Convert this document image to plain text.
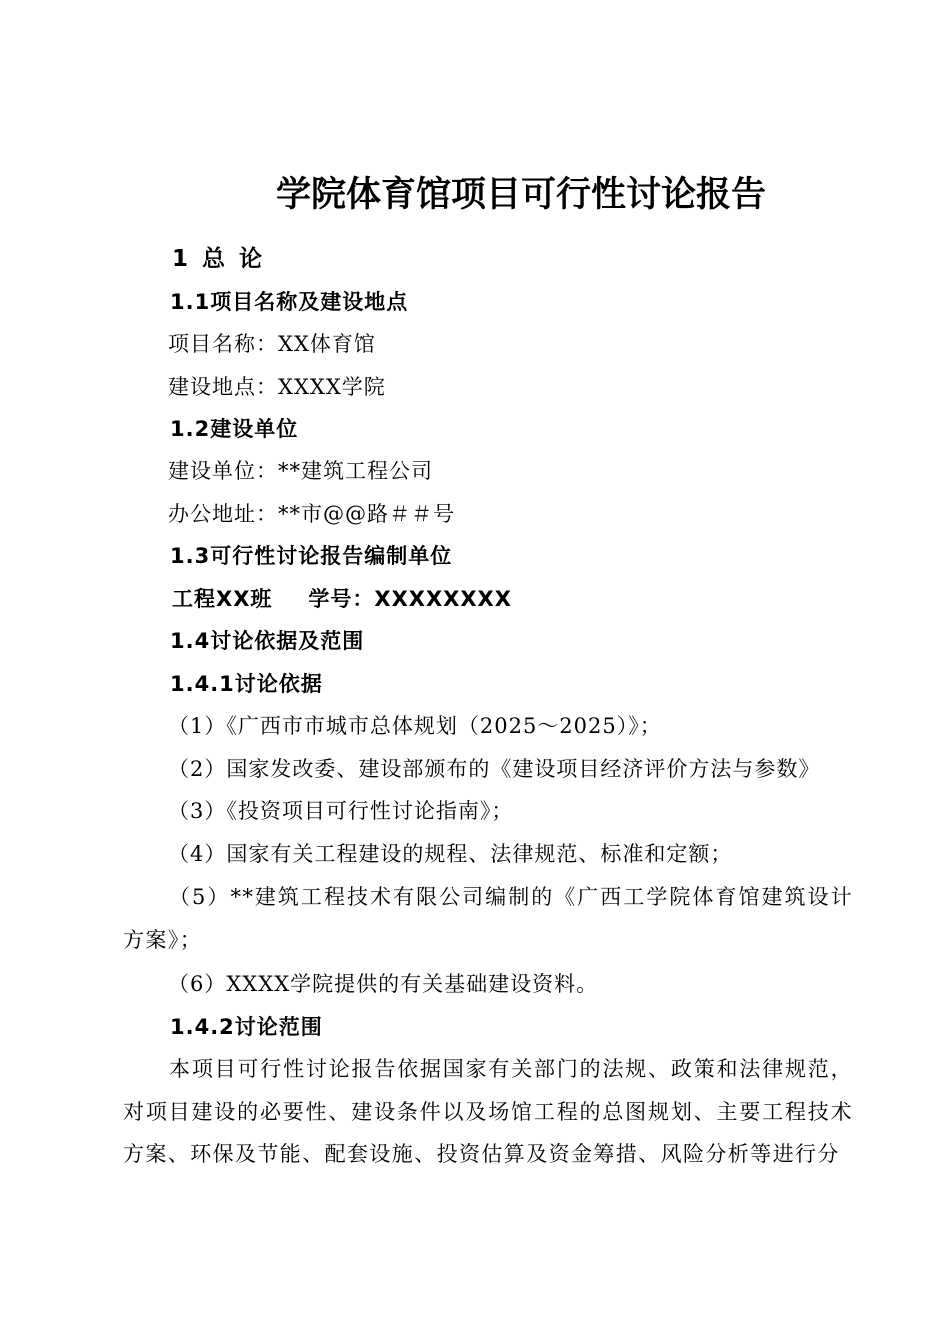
学院体育馆项目可行性讨论报告
1 总 论
1.1项目名称及建设地点
项目名称：XX体育馆
建设地点：XXXX学院
1.2建设单位
建设单位：**建筑工程公司
办公地址：**市@@路＃＃号
1.3可行性讨论报告编制单位
工程XX班 学号：XXXXXXXX
1.4讨论依据及范围
1.4.1讨论依据
（1）《广西市市城市总体规划（2025～2025）》；
（2）国家发改委、建设部颁布的《建设项目经济评价方法与参数》
（3）《投资项目可行性讨论指南》；
（4）国家有关工程建设的规程、法律规范、标准和定额；
（5）**建筑工程技术有限公司编制的《广西工学院体育馆建筑设计方案》；
（6）XXXX学院提供的有关基础建设资料。
1.4.2讨论范围
本项目可行性讨论报告依据国家有关部门的法规、政策和法律规范，对项目建设的必要性、建设条件以及场馆工程的总图规划、主要工程技术方案、环保及节能、配套设施、投资估算及资金筹措、风险分析等进行分
